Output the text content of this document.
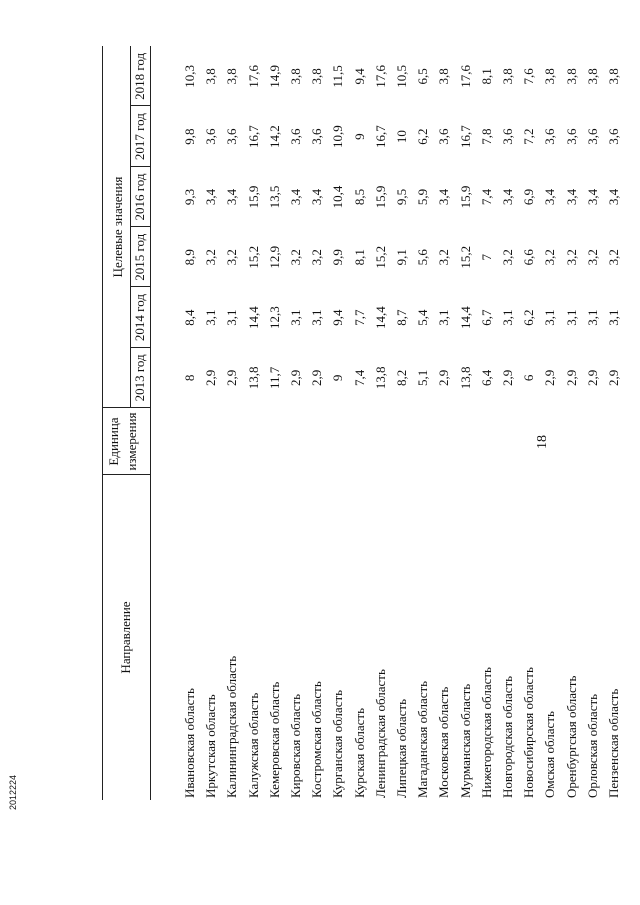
2012224
18
Направление
Единица измерения
Целевые значения
2013 год
2014 год
2015 год
2016 год
2017 год
2018 год
Ивановская область
8
8,4
8,9
9,3
9,8
10,3
Иркутская область
2,9
3,1
3,2
3,4
3,6
3,8
Калининградская область
2,9
3,1
3,2
3,4
3,6
3,8
Калужская область
13,8
14,4
15,2
15,9
16,7
17,6
Кемеровская область
11,7
12,3
12,9
13,5
14,2
14,9
Кировская область
2,9
3,1
3,2
3,4
3,6
3,8
Костромская область
2,9
3,1
3,2
3,4
3,6
3,8
Курганская область
9
9,4
9,9
10,4
10,9
11,5
Курская область
7,4
7,7
8,1
8,5
9
9,4
Ленинградская область
13,8
14,4
15,2
15,9
16,7
17,6
Липецкая область
8,2
8,7
9,1
9,5
10
10,5
Магаданская область
5,1
5,4
5,6
5,9
6,2
6,5
Московская область
2,9
3,1
3,2
3,4
3,6
3,8
Мурманская область
13,8
14,4
15,2
15,9
16,7
17,6
Нижегородская область
6,4
6,7
7
7,4
7,8
8,1
Новгородская область
2,9
3,1
3,2
3,4
3,6
3,8
Новосибирская область
6
6,2
6,6
6,9
7,2
7,6
Омская область
2,9
3,1
3,2
3,4
3,6
3,8
Оренбургская область
2,9
3,1
3,2
3,4
3,6
3,8
Орловская область
2,9
3,1
3,2
3,4
3,6
3,8
Пензенская область
2,9
3,1
3,2
3,4
3,6
3,8
